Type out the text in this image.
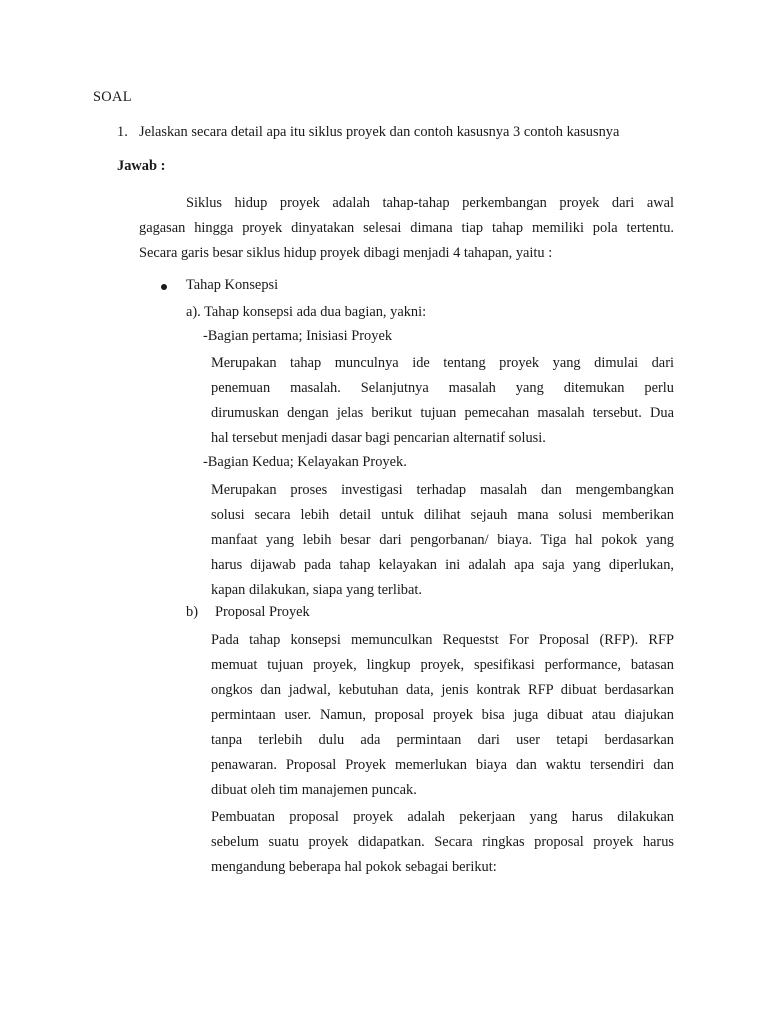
SOAL
1. Jelaskan secara detail apa itu siklus proyek dan contoh kasusnya 3 contoh kasusnya
Jawab :
Siklus hidup proyek adalah tahap-tahap perkembangan proyek dari awal
gagasan hingga proyek dinyatakan selesai dimana tiap tahap memiliki pola tertentu.
Secara garis besar siklus hidup proyek dibagi menjadi 4 tahapan, yaitu :
Tahap Konsepsi
a). Tahap konsepsi ada dua bagian, yakni:
-Bagian pertama; Inisiasi Proyek
Merupakan tahap munculnya ide tentang proyek yang dimulai dari
penemuan masalah. Selanjutnya masalah yang ditemukan perlu
dirumuskan dengan jelas berikut tujuan pemecahan masalah tersebut. Dua
hal tersebut menjadi dasar bagi pencarian alternatif solusi.
-Bagian Kedua; Kelayakan Proyek.
Merupakan proses investigasi terhadap masalah dan mengembangkan
solusi secara lebih detail untuk dilihat sejauh mana solusi memberikan
manfaat yang lebih besar dari pengorbanan/ biaya. Tiga hal pokok yang
harus dijawab pada tahap kelayakan ini adalah apa saja yang diperlukan,
kapan dilakukan, siapa yang terlibat.
b) Proposal Proyek
Pada tahap konsepsi memunculkan Requestst For Proposal (RFP). RFP
memuat tujuan proyek, lingkup proyek, spesifikasi performance, batasan
ongkos dan jadwal, kebutuhan data, jenis kontrak RFP dibuat berdasarkan
permintaan user. Namun, proposal proyek bisa juga dibuat atau diajukan
tanpa terlebih dulu ada permintaan dari user tetapi berdasarkan
penawaran. Proposal Proyek memerlukan biaya dan waktu tersendiri dan
dibuat oleh tim manajemen puncak.
Pembuatan proposal proyek adalah pekerjaan yang harus dilakukan
sebelum suatu proyek didapatkan. Secara ringkas proposal proyek harus
mengandung beberapa hal pokok sebagai berikut:
